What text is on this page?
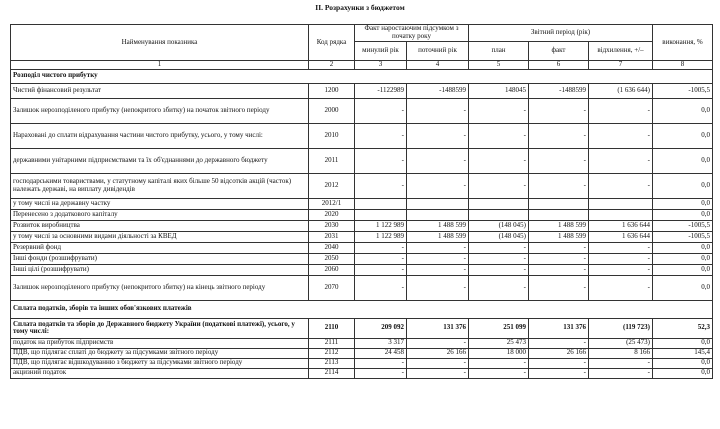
II. Розрахунки з бюджетом
Найменування показника	Код рядка	Факт наростаючим підсумком з початку року		Звітний період (рік)			виконання, %
		минулий рік	поточний рік	план	факт	відхилення, +/–	
1	2	3	4	5	6	7	8
Розподіл чистого прибутку							
Чистий фінансовий результат	1200	-1122989	-1488599	148045	-1488599	(1 636 644)	-1005,5
Залишок нерозподіленого прибутку (непокритого збитку) на початок звітного періоду	2000	-	-	-	-	-	0,0
Нараховані до сплати відрахування частини чистого прибутку, усього, у тому числі:	2010	-	-	-	-	-	0,0
державними унітарними підприємствами та їх об'єднаннями до державного бюджету	2011	-	-	-	-	-	0,0
господарськими товариствами, у статутному капіталі яких більше 50 відсотків акцій (часток) належать державі, на виплату дивідендів	2012	-	-	-	-	-	0,0
у тому числі на державну частку	2012/1						0,0
Перенесено з додаткового капіталу	2020						0,0
Розвиток виробництва	2030	1 122 989	1 488 599	(148 045)	1 488 599	1 636 644	-1005,5
у тому числі за основними видами діяльності за КВЕД	2031	1 122 989	1 488 599	(148 045)	1 488 599	1 636 644	-1005,5
Резервний фонд	2040	-	-	-	-	-	0,0
Інші фонди (розшифрувати)	2050	-	-	-	-	-	0,0
Інші цілі (розшифрувати)	2060	-	-	-	-	-	0,0
Залишок нерозподіленого прибутку (непокритого збитку) на кінець звітного періоду	2070	-	-	-	-	-	0,0
Сплата податків, зборів та інших обов'язкових платежів							
Сплата податків та зборів до Державного бюджету України (податкові платежі), усього, у тому числі:	2110	209 092	131 376	251 099	131 376	(119 723)	52,3
податок на прибуток підприємств	2111	3 317	-	25 473	-	(25 473)	0,0
ПДВ, що підлягає сплаті до бюджету за підсумками звітного періоду	2112	24 458	26 166	18 000	26 166	8 166	145,4
ПДВ, що підлягає відшкодуванню з бюджету за підсумками звітного періоду	2113	-	-	-	-	-	0,0
акцизний податок	2114	-	-	-	-	-	0,0
